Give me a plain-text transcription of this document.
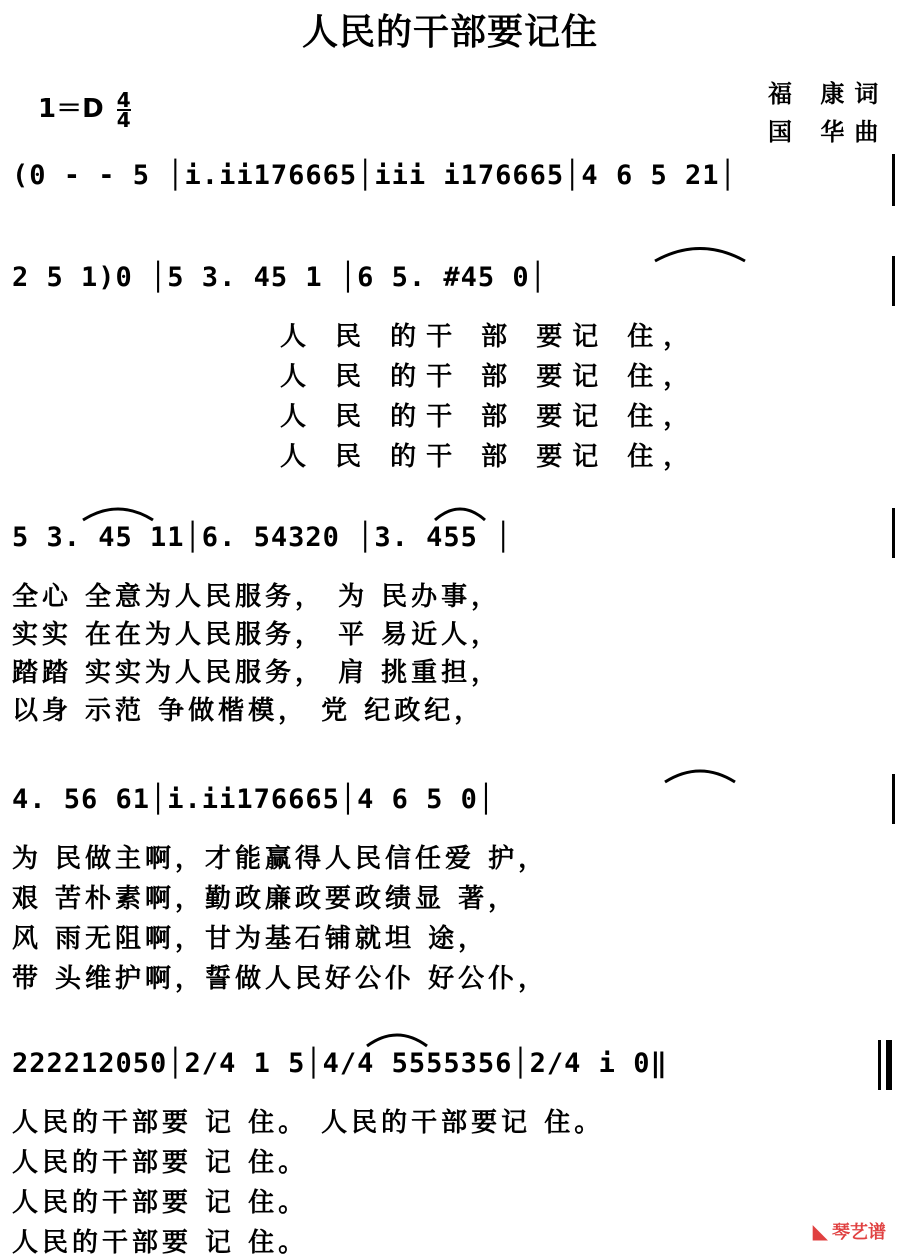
人民的干部要记住
$1=D \frac{4}{4}$	福 康词
国 华曲
(0 - - 5 │i.ii176665│iii i176665│4 6 5 21│
2 5 1)0 │5 3. 45 1 │6 5. #45 0│
人 民 的干 部 要记 住，
人 民 的干 部 要记 住，
人 民 的干 部 要记 住，
人 民 的干 部 要记 住，
5 3. 45 11│6. 54320 │3. 455 │
全心 全意为人民服务， 为 民办事，
实实 在在为人民服务， 平 易近人，
踏踏 实实为人民服务， 肩 挑重担，
以身 示范 争做楷模， 党 纪政纪，
4. 56 61│i.ii176665│4 6 5 0│
为 民做主啊，才能赢得人民信任爱 护，
艰 苦朴素啊，勤政廉政要政绩显 著，
风 雨无阻啊，甘为基石铺就坦 途，
带 头维护啊，誓做人民好公仆 好公仆，
222212050│2/4 1 5│4/4 5555356│2/4 i 0‖
人民的干部要 记 住。 人民的干部要记 住。
人民的干部要 记 住。
人民的干部要 记 住。
人民的干部要 记 住。	◣ 琴艺谱
